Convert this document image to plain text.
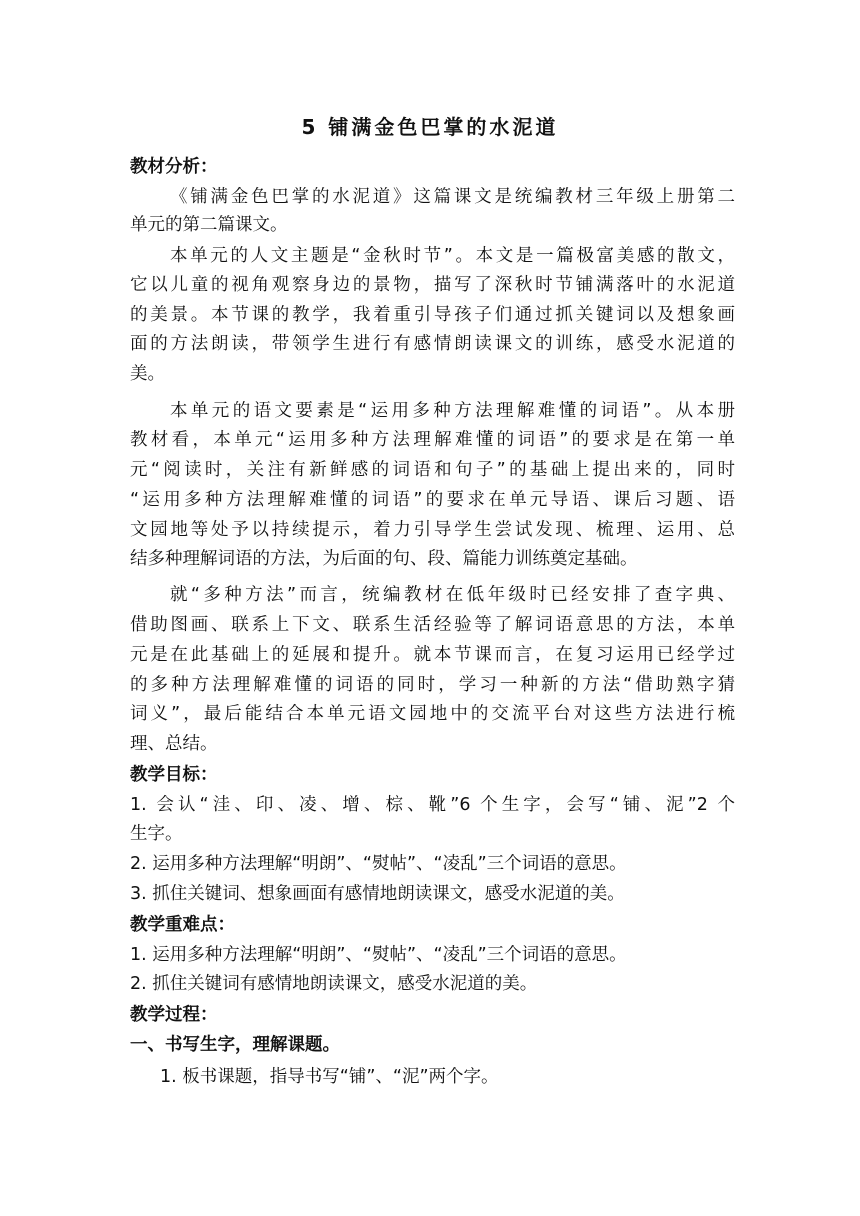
5 铺满金色巴掌的水泥道
教材分析：
《铺满金色巴掌的水泥道》这篇课文是统编教材三年级上册第二
单元的第二篇课文。
本单元的人文主题是“金秋时节”。本文是一篇极富美感的散文，
它以儿童的视角观察身边的景物，描写了深秋时节铺满落叶的水泥道
的美景。本节课的教学，我着重引导孩子们通过抓关键词以及想象画
面的方法朗读，带领学生进行有感情朗读课文的训练，感受水泥道的
美。
本单元的语文要素是“运用多种方法理解难懂的词语”。从本册
教材看，本单元“运用多种方法理解难懂的词语”的要求是在第一单
元“阅读时，关注有新鲜感的词语和句子”的基础上提出来的，同时
“运用多种方法理解难懂的词语”的要求在单元导语、课后习题、语
文园地等处予以持续提示，着力引导学生尝试发现、梳理、运用、总
结多种理解词语的方法，为后面的句、段、篇能力训练奠定基础。
就“多种方法”而言，统编教材在低年级时已经安排了查字典、
借助图画、联系上下文、联系生活经验等了解词语意思的方法，本单
元是在此基础上的延展和提升。就本节课而言，在复习运用已经学过
的多种方法理解难懂的词语的同时，学习一种新的方法“借助熟字猜
词义”，最后能结合本单元语文园地中的交流平台对这些方法进行梳
理、总结。
教学目标：
1. 会认“洼、印、凌、增、棕、靴”6 个生字，会写“铺、泥”2 个
生字。
2. 运用多种方法理解“明朗”、“熨帖”、“凌乱”三个词语的意思。
3. 抓住关键词、想象画面有感情地朗读课文，感受水泥道的美。
教学重难点：
1. 运用多种方法理解“明朗”、“熨帖”、“凌乱”三个词语的意思。
2. 抓住关键词有感情地朗读课文，感受水泥道的美。
教学过程：
一、书写生字，理解课题。
1. 板书课题，指导书写“铺”、“泥”两个字。
